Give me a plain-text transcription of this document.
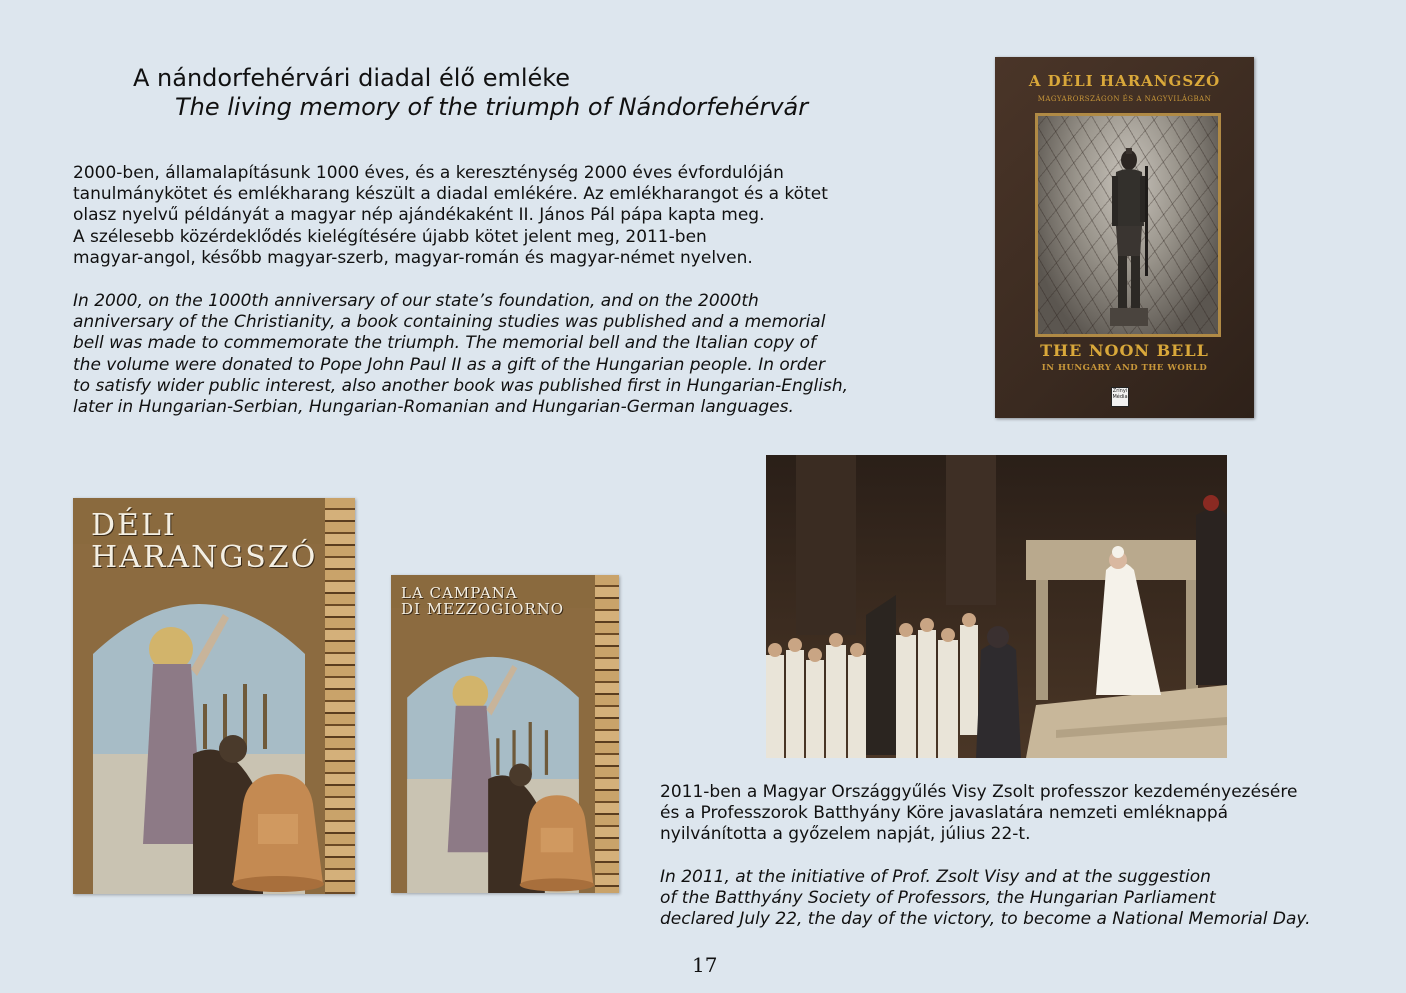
A nándorfehérvári diadal élő emléke
The living memory of the triumph of Nándorfehérvár

2000-ben, államalapításunk 1000 éves, és a kereszténység 2000 éves évfordulóján
tanulmánykötet és emlékharang készült a diadal emlékére. Az emlékharangot és a kötet
olasz nyelvű példányát a magyar nép ajándékaként II. János Pál pápa kapta meg.
A szélesebb közérdeklődés kielégítésére újabb kötet jelent meg, 2011-ben
magyar-angol, később magyar-szerb, magyar-román és magyar-német nyelven.

In 2000, on the 1000th anniversary of our state’s foundation, and on the 2000th
anniversary of the Christianity, a book containing studies was published and a memorial
bell was made to commemorate the triumph. The memorial bell and the Italian copy of
the volume were donated to Pope John Paul II as a gift of the Hungarian people. In order
to satisfy wider public interest, also another book was published first in Hungarian-English,
later in Hungarian-Serbian, Hungarian-Romanian and Hungarian-German languages.

A DÉLI HARANGSZÓ
MAGYARORSZÁGON ÉS A NAGYVILÁGBAN
THE NOON BELL
IN HUNGARY AND THE WORLD
Zrínyi Média
DÉLI
HARANGSZÓ
LA CAMPANA
DI MEZZOGIORNO

2011-ben a Magyar Országgyűlés Visy Zsolt professzor kezdeményezésére
és a Professzorok Batthyány Köre javaslatára nemzeti emléknappá
nyilvánította a győzelem napját, július 22-t.

In 2011, at the initiative of Prof. Zsolt Visy and at the suggestion
of the Batthyány Society of Professors, the Hungarian Parliament
declared July 22, the day of the victory, to become a National Memorial Day.

17
